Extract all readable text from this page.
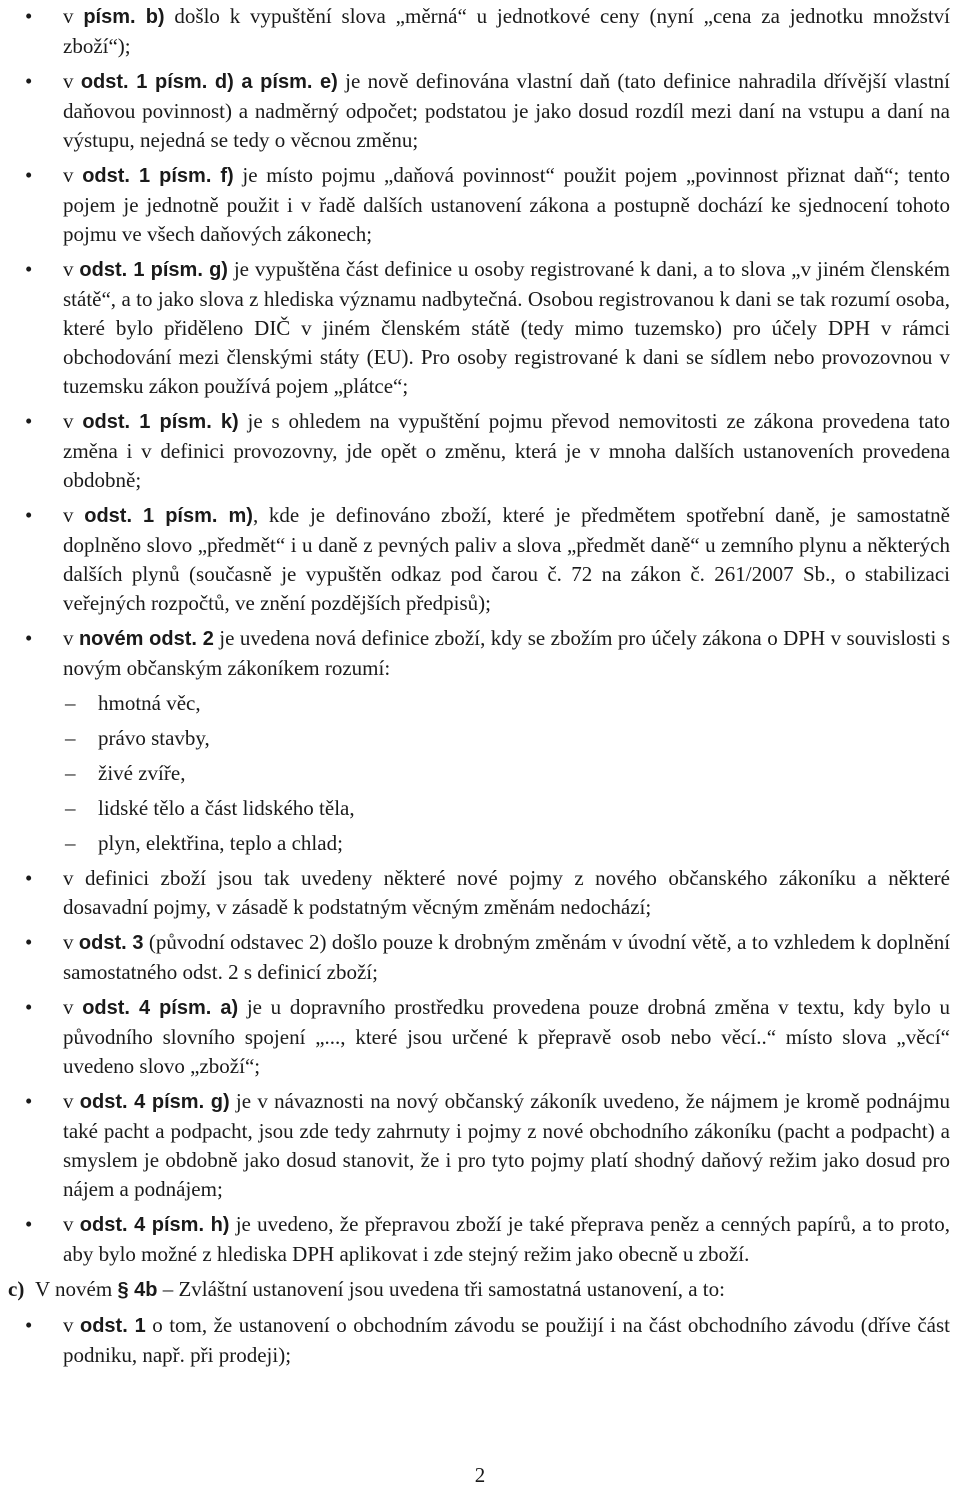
• v písm. b) došlo k vypuštění slova „měrná“ u jednotkové ceny (nyní „cena za jednotku množství zboží“);
• v odst. 1 písm. d) a písm. e) je nově definována vlastní daň (tato definice nahradila dřívější vlastní daňovou povinnost) a nadměrný odpočet; podstatou je jako dosud rozdíl mezi daní na vstupu a daní na výstupu, nejedná se tedy o věcnou změnu;
• v odst. 1 písm. f) je místo pojmu „daňová povinnost“ použit pojem „povinnost přiznat daň“; tento pojem je jednotně použit i v řadě dalších ustanovení zákona a postupně dochází ke sjednocení tohoto pojmu ve všech daňových zákonech;
• v odst. 1 písm. g) je vypuštěna část definice u osoby registrované k dani, a to slova „v jiném členském státě“, a to jako slova z hlediska významu nadbytečná. Osobou registrovanou k dani se tak rozumí osoba, které bylo přiděleno DIČ v jiném členském státě (tedy mimo tuzemsko) pro účely DPH v rámci obchodování mezi členskými státy (EU). Pro osoby registrované k dani se sídlem nebo provozovnou v tuzemsku zákon používá pojem „plátce“;
• v odst. 1 písm. k) je s ohledem na vypuštění pojmu převod nemovitosti ze zákona provedena tato změna i v definici provozovny, jde opět o změnu, která je v mnoha dalších ustanoveních provedena obdobně;
• v odst. 1 písm. m), kde je definováno zboží, které je předmětem spotřební daně, je samostatně doplněno slovo „předmět“ i u daně z pevných paliv a slova „předmět daně“ u zemního plynu a některých dalších plynů (současně je vypuštěn odkaz pod čarou č. 72 na zákon č. 261/2007 Sb., o stabilizaci veřejných rozpočtů, ve znění pozdějších předpisů);
• v novém odst. 2 je uvedena nová definice zboží, kdy se zbožím pro účely zákona o DPH v souvislosti s novým občanským zákoníkem rozumí:
– hmotná věc,
– právo stavby,
– živé zvíře,
– lidské tělo a část lidského těla,
– plyn, elektřina, teplo a chlad;
• v definici zboží jsou tak uvedeny některé nové pojmy z nového občanského zákoníku a některé dosavadní pojmy, v zásadě k podstatným věcným změnám nedochází;
• v odst. 3 (původní odstavec 2) došlo pouze k drobným změnám v úvodní větě, a to vzhledem k doplnění samostatného odst. 2 s definicí zboží;
• v odst. 4 písm. a) je u dopravního prostředku provedena pouze drobná změna v textu, kdy bylo u původního slovního spojení „..., které jsou určené k přepravě osob nebo věcí..“ místo slova „věcí“ uvedeno slovo „zboží“;
• v odst. 4 písm. g) je v návaznosti na nový občanský zákoník uvedeno, že nájmem je kromě podnájmu také pacht a podpacht, jsou zde tedy zahrnuty i pojmy z nové obchodního zákoníku (pacht a podpacht) a smyslem je obdobně jako dosud stanovit, že i pro tyto pojmy platí shodný daňový režim jako dosud pro nájem a podnájem;
• v odst. 4 písm. h) je uvedeno, že přepravou zboží je také přeprava peněz a cenných papírů, a to proto, aby bylo možné z hlediska DPH aplikovat i zde stejný režim jako obecně u zboží.
c) V novém § 4b – Zvláštní ustanovení jsou uvedena tři samostatná ustanovení, a to:
• v odst. 1 o tom, že ustanovení o obchodním závodu se použijí i na část obchodního závodu (dříve část podniku, např. při prodeji);
2
